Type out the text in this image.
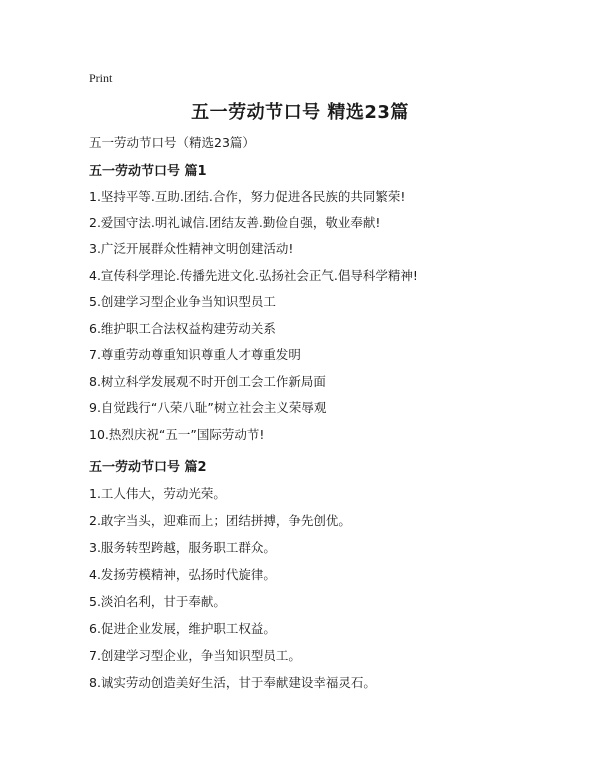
Print
五一劳动节口号 精选23篇
五一劳动节口号（精选23篇）
五一劳动节口号 篇1
1.坚持平等.互助.团结.合作，努力促进各民族的共同繁荣!
2.爱国守法.明礼诚信.团结友善.勤俭自强，敬业奉献!
3.广泛开展群众性精神文明创建活动!
4.宣传科学理论.传播先进文化.弘扬社会正气.倡导科学精神!
5.创建学习型企业争当知识型员工
6.维护职工合法权益构建劳动关系
7.尊重劳动尊重知识尊重人才尊重发明
8.树立科学发展观不时开创工会工作新局面
9.自觉践行“八荣八耻”树立社会主义荣辱观
10.热烈庆祝“五一”国际劳动节!
五一劳动节口号 篇2
1.工人伟大，劳动光荣。
2.敢字当头，迎难而上；团结拼搏，争先创优。
3.服务转型跨越，服务职工群众。
4.发扬劳模精神，弘扬时代旋律。
5.淡泊名利，甘于奉献。
6.促进企业发展，维护职工权益。
7.创建学习型企业，争当知识型员工。
8.诚实劳动创造美好生活，甘于奉献建设幸福灵石。
